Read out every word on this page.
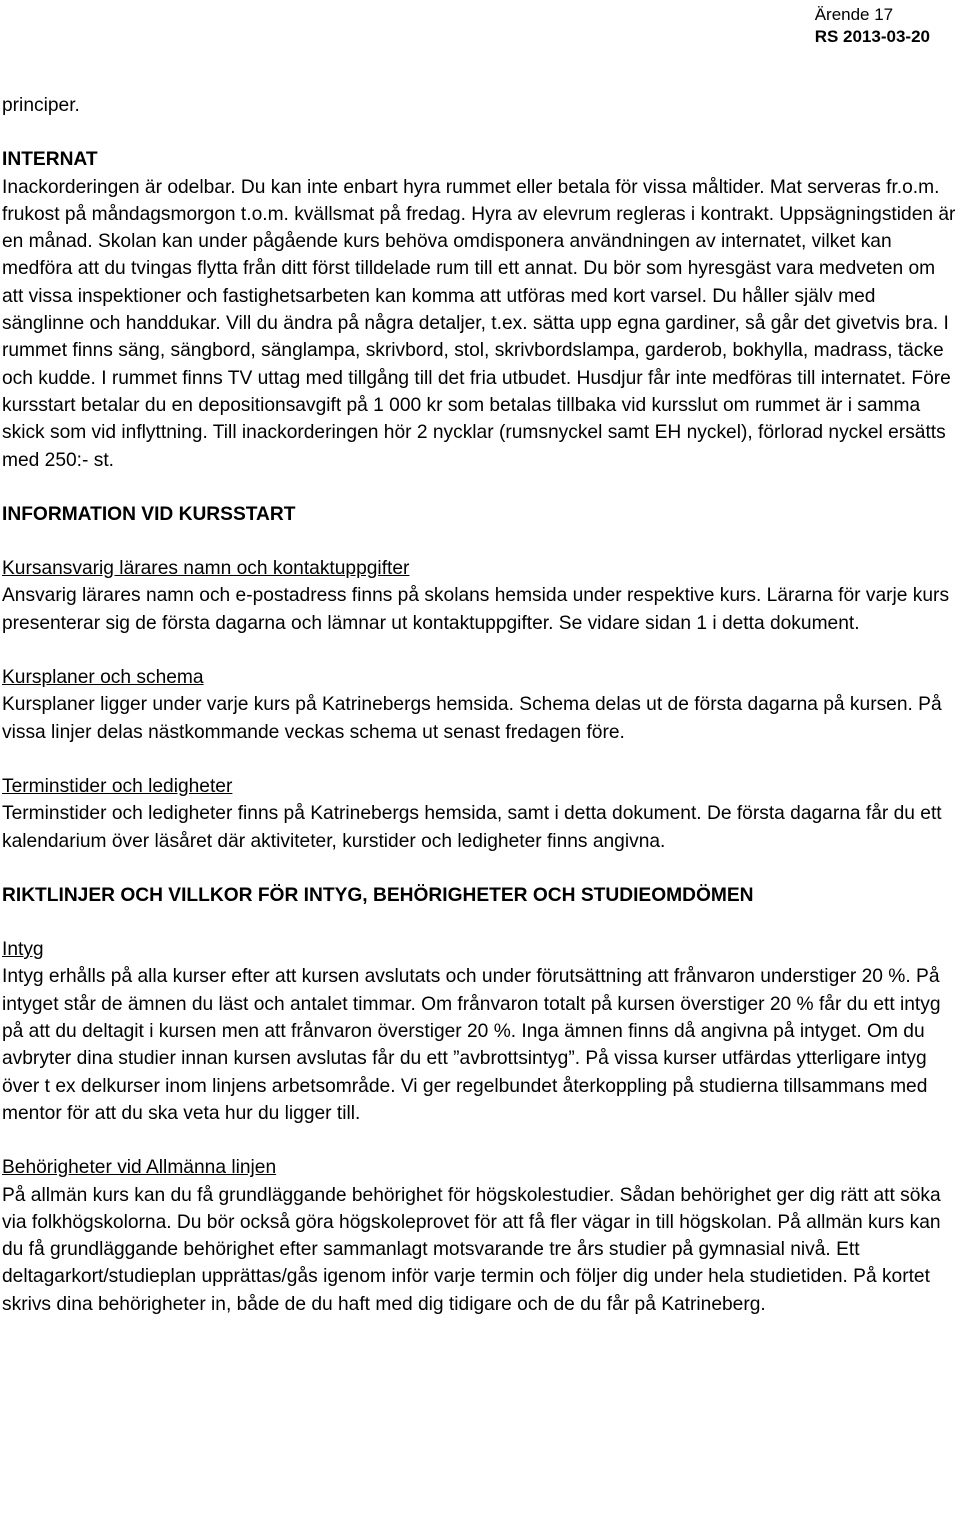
Ärende 17
RS 2013-03-20

principer.

INTERNAT

Inackorderingen är odelbar. Du kan inte enbart hyra rummet eller betala för vissa måltider. Mat serveras fr.o.m. frukost på måndagsmorgon t.o.m. kvällsmat på fredag. Hyra av elevrum regleras i kontrakt. Uppsägningstiden är en månad. Skolan kan under pågående kurs behöva omdisponera användningen av internatet, vilket kan medföra att du tvingas flytta från ditt först tilldelade rum till ett annat. Du bör som hyresgäst vara medveten om att vissa inspektioner och fastighetsarbeten kan komma att utföras med kort varsel. Du håller själv med sänglinne och handdukar. Vill du ändra på några detaljer, t.ex. sätta upp egna gardiner, så går det givetvis bra. I rummet finns säng, sängbord, sänglampa, skrivbord, stol, skrivbordslampa, garderob, bokhylla, madrass, täcke och kudde. I rummet finns TV uttag med tillgång till det fria utbudet. Husdjur får inte medföras till internatet. Före kursstart betalar du en depositionsavgift på 1 000 kr som betalas tillbaka vid kursslut om rummet är i samma skick som vid inflyttning. Till inackorderingen hör 2 nycklar (rumsnyckel samt EH nyckel), förlorad nyckel ersätts med 250:- st.

INFORMATION VID KURSSTART

Kursansvarig lärares namn och kontaktuppgifter

Ansvarig lärares namn och e-postadress finns på skolans hemsida under respektive kurs. Lärarna för varje kurs presenterar sig de första dagarna och lämnar ut kontaktuppgifter. Se vidare sidan 1 i detta dokument.

Kursplaner och schema

Kursplaner ligger under varje kurs på Katrinebergs hemsida. Schema delas ut de första dagarna på kursen. På vissa linjer delas nästkommande veckas schema ut senast fredagen före.

Terminstider och ledigheter

Terminstider och ledigheter finns på Katrinebergs hemsida, samt i detta dokument. De första dagarna får du ett kalendarium över läsåret där aktiviteter, kurstider och ledigheter finns angivna.

RIKTLINJER OCH VILLKOR FÖR INTYG, BEHÖRIGHETER OCH STUDIEOMDÖMEN

Intyg

Intyg erhålls på alla kurser efter att kursen avslutats och under förutsättning att frånvaron understiger 20 %. På intyget står de ämnen du läst och antalet timmar. Om frånvaron totalt på kursen överstiger 20 % får du ett intyg på att du deltagit i kursen men att frånvaron överstiger 20 %. Inga ämnen finns då angivna på intyget. Om du avbryter dina studier innan kursen avslutas får du ett ”avbrottsintyg”. På vissa kurser utfärdas ytterligare intyg över t ex delkurser inom linjens arbetsområde. Vi ger regelbundet återkoppling på studierna tillsammans med mentor för att du ska veta hur du ligger till.

Behörigheter vid Allmänna linjen

På allmän kurs kan du få grundläggande behörighet för högskolestudier. Sådan behörighet ger dig rätt att söka via folkhögskolorna. Du bör också göra högskoleprovet för att få fler vägar in till högskolan. På allmän kurs kan du få grundläggande behörighet efter sammanlagt motsvarande tre års studier på gymnasial nivå. Ett deltagarkort/studieplan upprättas/gås igenom inför varje termin och följer dig under hela studietiden. På kortet skrivs dina behörigheter in, både de du haft med dig tidigare och de du får på Katrineberg.
